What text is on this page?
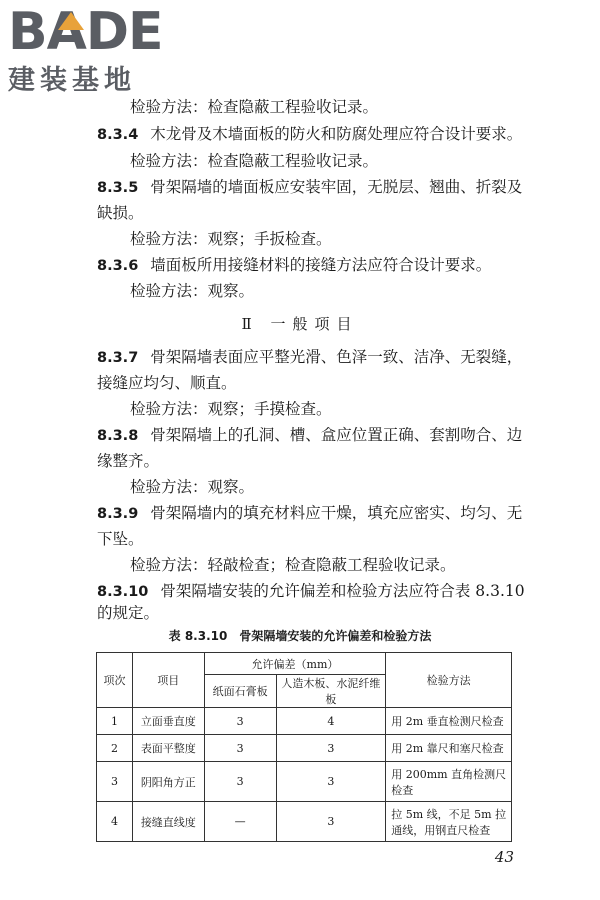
BADE
建装基地
检验方法：检查隐蔽工程验收记录。
8.3.4 木龙骨及木墙面板的防火和防腐处理应符合设计要求。
检验方法：检查隐蔽工程验收记录。
8.3.5 骨架隔墙的墙面板应安装牢固，无脱层、翘曲、折裂及
缺损。
检验方法：观察；手扳检查。
8.3.6 墙面板所用接缝材料的接缝方法应符合设计要求。
检验方法：观察。
Ⅱ 一般项目
8.3.7 骨架隔墙表面应平整光滑、色泽一致、洁净、无裂缝，
接缝应均匀、顺直。
检验方法：观察；手摸检查。
8.3.8 骨架隔墙上的孔洞、槽、盒应位置正确、套割吻合、边
缘整齐。
检验方法：观察。
8.3.9 骨架隔墙内的填充材料应干燥，填充应密实、均匀、无
下坠。
检验方法：轻敲检查；检查隐蔽工程验收记录。
8.3.10 骨架隔墙安装的允许偏差和检验方法应符合表 8.3.10
的规定。
表 8.3.10　骨架隔墙安装的允许偏差和检验方法
项次	项目	允许偏差（mm）		检验方法
		纸面石膏板	人造木板、水泥纤维板	
1	立面垂直度	3	4	用 2m 垂直检测尺检查
2	表面平整度	3	3	用 2m 靠尺和塞尺检查
3	阴阳角方正	3	3	用 200mm 直角检测尺检查
4	接缝直线度	—	3	拉 5m 线，不足 5m 拉通线，用钢直尺检查
43
